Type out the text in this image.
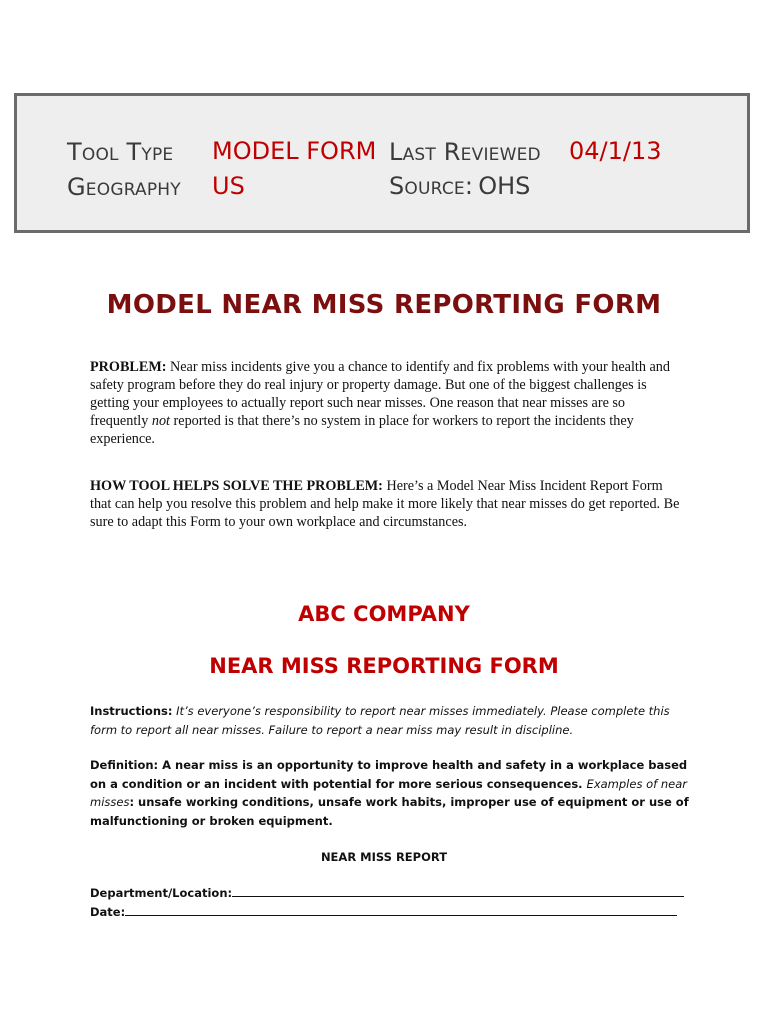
Tool Type MODEL FORM Last Reviewed 04/1/13
Geography US	Source: OHS
MODEL NEAR MISS REPORTING FORM

PROBLEM: Near miss incidents give you a chance to identify and fix problems with your health and safety program before they do real injury or property damage. But one of the biggest challenges is getting your employees to actually report such near misses. One reason that near misses are so frequently not reported is that there’s no system in place for workers to report the incidents they experience.

HOW TOOL HELPS SOLVE THE PROBLEM: Here’s a Model Near Miss Incident Report Form that can help you resolve this problem and help make it more likely that near misses do get reported. Be sure to adapt this Form to your own workplace and circumstances.

ABC COMPANY
NEAR MISS REPORTING FORM

Instructions: It’s everyone’s responsibility to report near misses immediately. Please complete this form to report all near misses. Failure to report a near miss may result in discipline.

Definition: A near miss is an opportunity to improve health and safety in a workplace based on a condition or an incident with potential for more serious consequences. Examples of near misses: unsafe working conditions, unsafe work habits, improper use of equipment or use of malfunctioning or broken equipment.

NEAR MISS REPORT
Department/Location:
Date:
